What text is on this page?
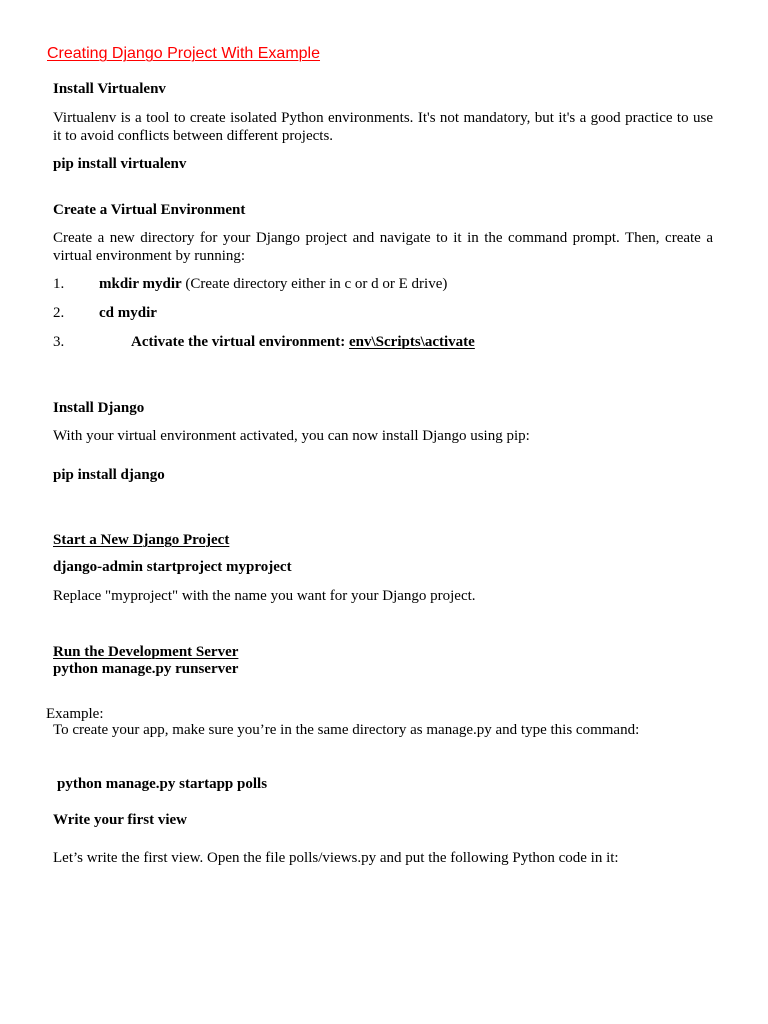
Creating Django Project With Example
Install Virtualenv
Virtualenv is a tool to create isolated Python environments. It's not mandatory, but it's a good practice to use it to avoid conflicts between different projects.
pip install virtualenv
Create a Virtual Environment
Create a new directory for your Django project and navigate to it in the command prompt. Then, create a virtual environment by running:
1. mkdir mydir (Create directory either in c or d or E drive)
2. cd mydir
3.	Activate the virtual environment: env\Scripts\activate
Install Django
With your virtual environment activated, you can now install Django using pip:
pip install django
Start a New Django Project
django-admin startproject myproject
Replace "myproject" with the name you want for your Django project.
Run the Development Server
python manage.py runserver
Example:
To create your app, make sure you’re in the same directory as manage.py and type this command:
python manage.py startapp polls
Write your first view
Let’s write the first view. Open the file polls/views.py and put the following Python code in it:
